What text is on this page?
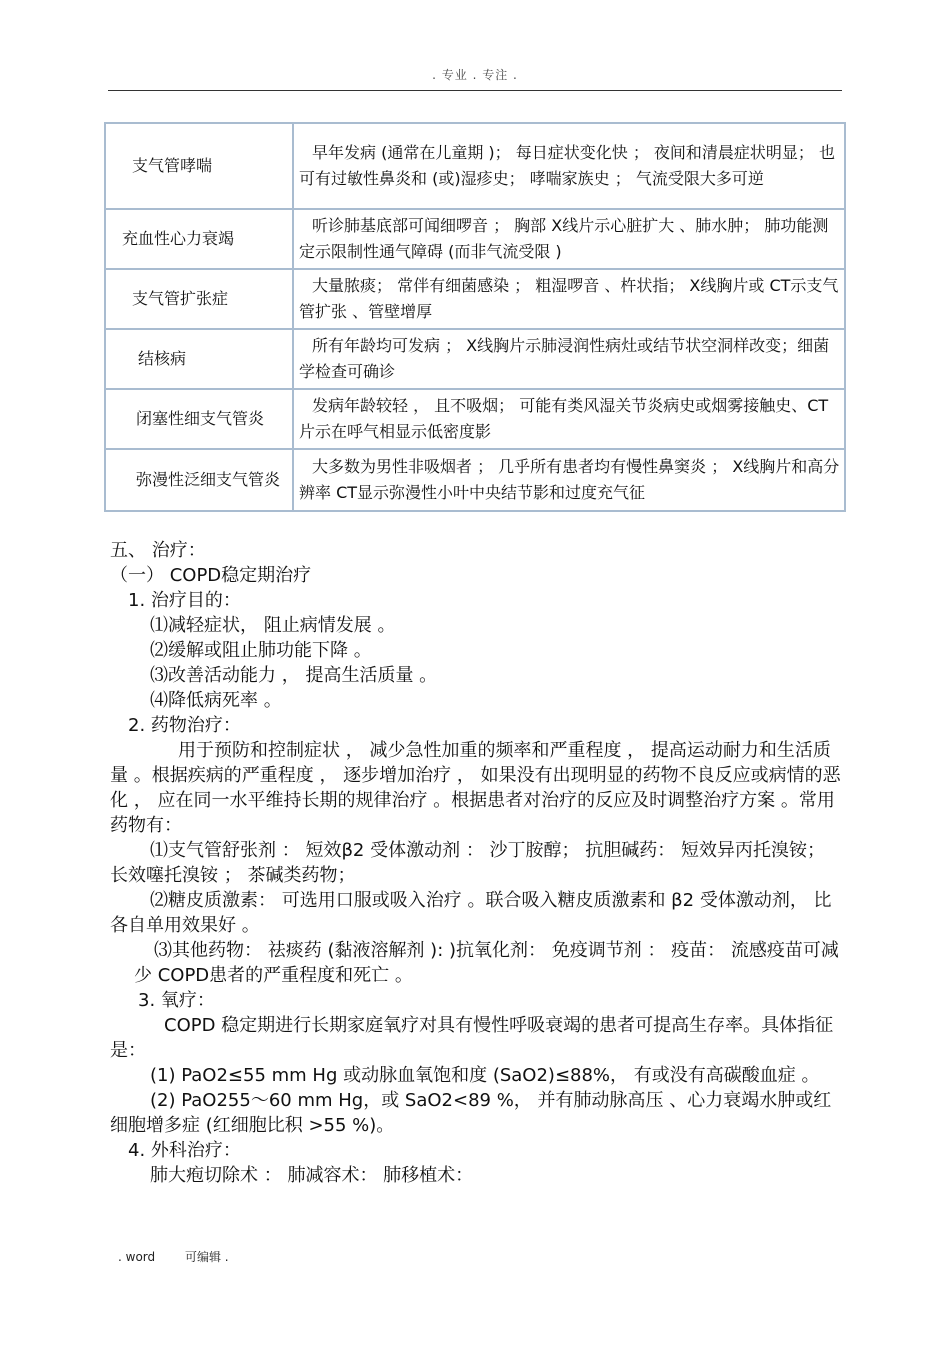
. 专业 . 专注 .
支气管哮喘	早年发病 (通常在儿童期 )； 每日症状变化快 ； 夜间和清晨症状明显； 也可有过敏性鼻炎和 (或)湿疹史； 哮喘家族史 ； 气流受限大多可逆
充血性心力衰竭	听诊肺基底部可闻细啰音 ； 胸部 X线片示心脏扩大 、肺水肿； 肺功能测定示限制性通气障碍 (而非气流受限 )
支气管扩张症	大量脓痰； 常伴有细菌感染 ； 粗湿啰音 、杵状指； X线胸片或 CT示支气管扩张 、管壁增厚
结核病	所有年龄均可发病 ； X线胸片示肺浸润性病灶或结节状空洞样改变；细菌学检查可确诊
闭塞性细支气管炎	发病年龄较轻 ， 且不吸烟； 可能有类风湿关节炎病史或烟雾接触史、CT片示在呼气相显示低密度影
弥漫性泛细支气管炎	大多数为男性非吸烟者 ； 几乎所有患者均有慢性鼻窦炎 ； X线胸片和高分辨率 CT显示弥漫性小叶中央结节影和过度充气征

五、 治疗：

（一） COPD稳定期治疗

1. 治疗目的：

⑴减轻症状， 阻止病情发展 。

⑵缓解或阻止肺功能下降 。

⑶改善活动能力 ， 提高生活质量 。

⑷降低病死率 。

2. 药物治疗：

用于预防和控制症状 ， 减少急性加重的频率和严重程度 ， 提高运动耐力和生活质量 。根据疾病的严重程度 ， 逐步增加治疗 ， 如果没有出现明显的药物不良反应或病情的恶化 ， 应在同一水平维持长期的规律治疗 。根据患者对治疗的反应及时调整治疗方案 。常用药物有：

⑴支气管舒张剂 ： 短效β2 受体激动剂 ： 沙丁胺醇； 抗胆碱药： 短效异丙托溴铵； 长效噻托溴铵 ； 茶碱类药物；

⑵糖皮质激素： 可选用口服或吸入治疗 。联合吸入糖皮质激素和 β2 受体激动剂， 比各自单用效果好 。

⑶其他药物： 祛痰药 (黏液溶解剂 ): )抗氧化剂： 免疫调节剂 ： 疫苗： 流感疫苗可减少 COPD患者的严重程度和死亡 。

3. 氧疗：

COPD 稳定期进行长期家庭氧疗对具有慢性呼吸衰竭的患者可提高生存率。具体指征是：

(1) PaO2≤55 mm Hg 或动脉血氧饱和度 (SaO2)≤88%， 有或没有高碳酸血症 。

(2) PaO255～60 mm Hg，或 SaO2<89 %， 并有肺动脉高压 、心力衰竭水肿或红细胞增多症 (红细胞比积 >55 %)。

4. 外科治疗：

肺大疱切除术 ： 肺减容术： 肺移植术：

. word 可编辑 .
